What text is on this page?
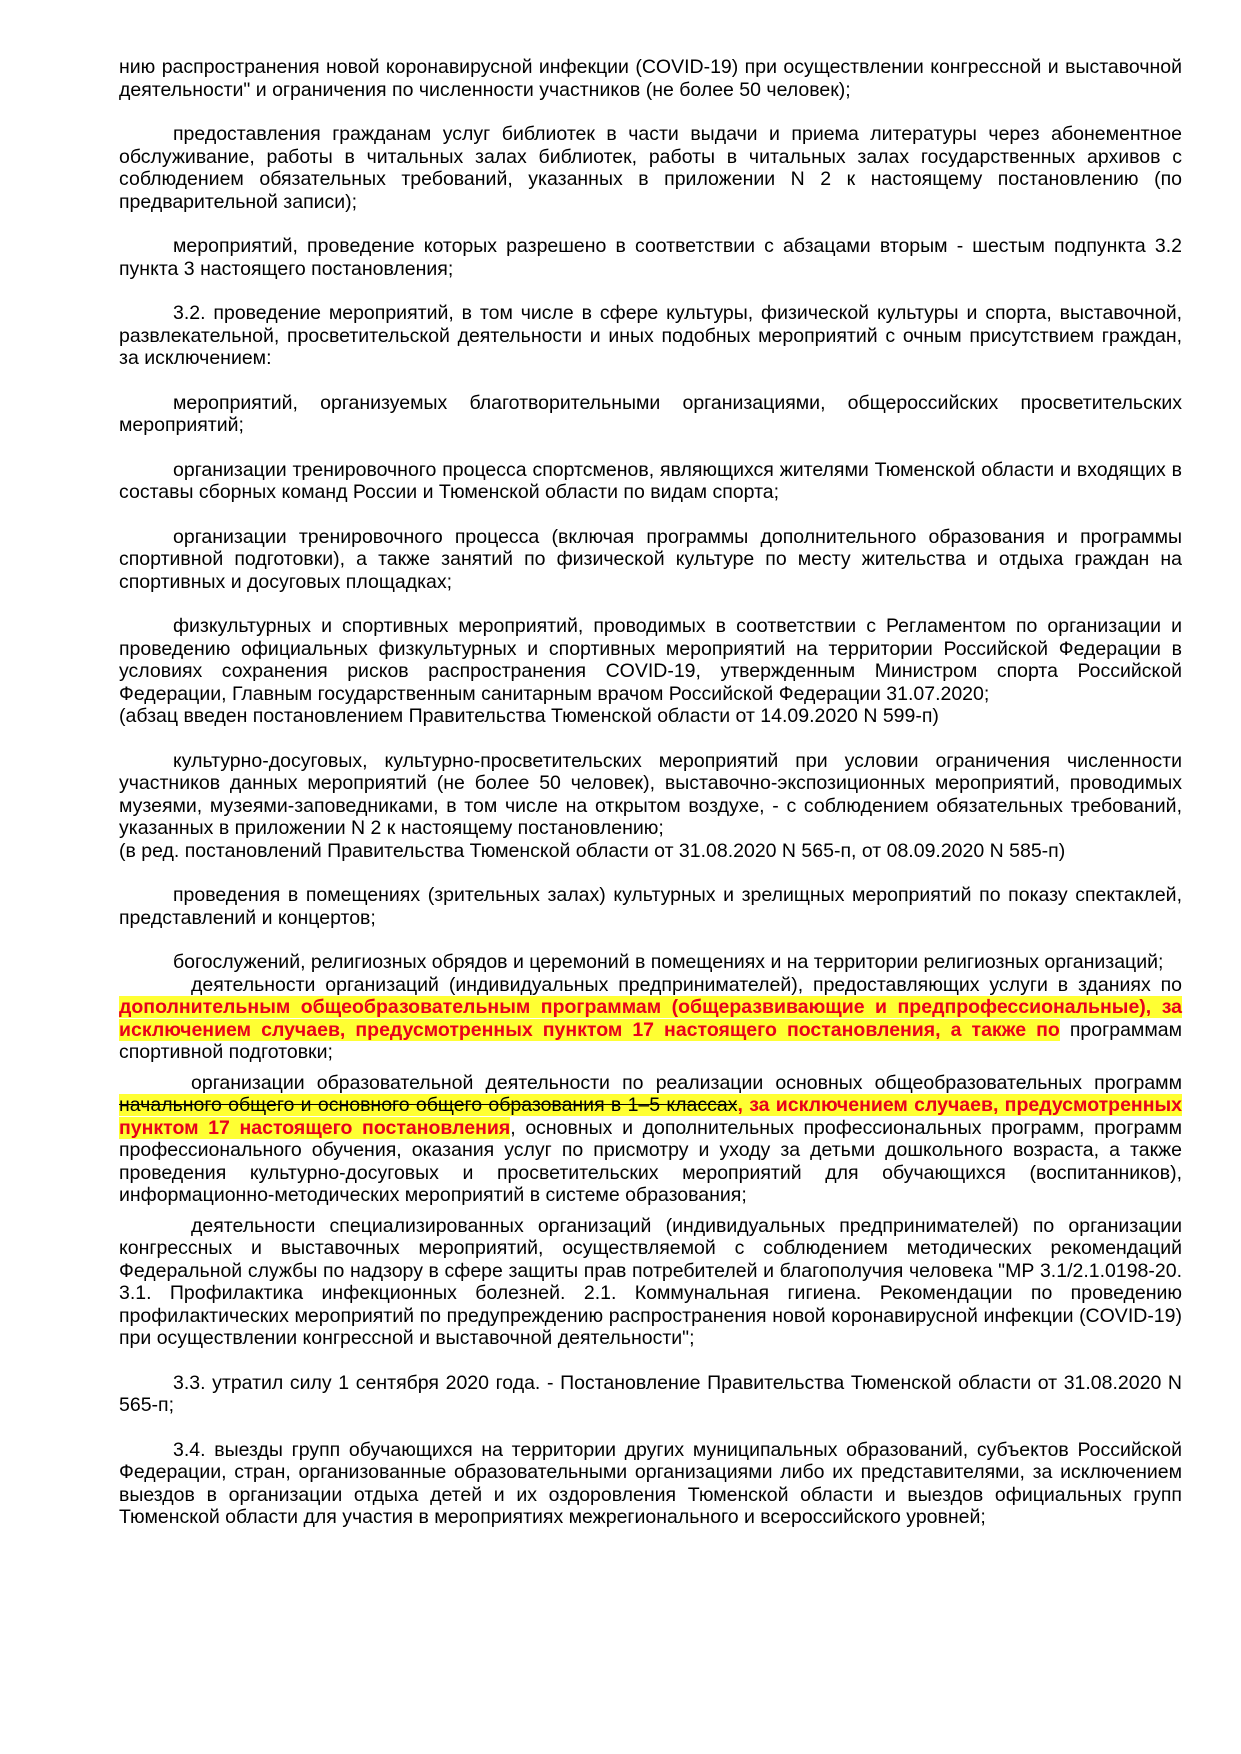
нию распространения новой коронавирусной инфекции (COVID-19) при осуществлении конгрессной и выставочной деятельности" и ограничения по численности участников (не более 50 человек);

предоставления гражданам услуг библиотек в части выдачи и приема литературы через абонементное обслуживание, работы в читальных залах библиотек, работы в читальных залах государственных архивов с соблюдением обязательных требований, указанных в приложении N 2 к настоящему постановлению (по предварительной записи);

мероприятий, проведение которых разрешено в соответствии с абзацами вторым - шестым подпункта 3.2 пункта 3 настоящего постановления;

3.2. проведение мероприятий, в том числе в сфере культуры, физической культуры и спорта, выставочной, развлекательной, просветительской деятельности и иных подобных мероприятий с очным присутствием граждан, за исключением:

мероприятий, организуемых благотворительными организациями, общероссийских просветительских мероприятий;

организации тренировочного процесса спортсменов, являющихся жителями Тюменской области и входящих в составы сборных команд России и Тюменской области по видам спорта;

организации тренировочного процесса (включая программы дополнительного образования и программы спортивной подготовки), а также занятий по физической культуре по месту жительства и отдыха граждан на спортивных и досуговых площадках;

физкультурных и спортивных мероприятий, проводимых в соответствии с Регламентом по организации и проведению официальных физкультурных и спортивных мероприятий на территории Российской Федерации в условиях сохранения рисков распространения COVID-19, утвержденным Министром спорта Российской Федерации, Главным государственным санитарным врачом Российской Федерации 31.07.2020;

(абзац введен постановлением Правительства Тюменской области от 14.09.2020 N 599-п)

культурно-досуговых, культурно-просветительских мероприятий при условии ограничения численности участников данных мероприятий (не более 50 человек), выставочно-экспозиционных мероприятий, проводимых музеями, музеями-заповедниками, в том числе на открытом воздухе, - с соблюдением обязательных требований, указанных в приложении N 2 к настоящему постановлению;

(в ред. постановлений Правительства Тюменской области от 31.08.2020 N 565-п, от 08.09.2020 N 585-п)

проведения в помещениях (зрительных залах) культурных и зрелищных мероприятий по показу спектаклей, представлений и концертов;

богослужений, религиозных обрядов и церемоний в помещениях и на территории религиозных организаций;

деятельности организаций (индивидуальных предпринимателей), предоставляющих услуги в зданиях по дополнительным общеобразовательным программам (общеразвивающие и предпрофессиональные), за исключением случаев, предусмотренных пунктом 17 настоящего постановления, а также по программам спортивной подготовки;

организации образовательной деятельности по реализации основных общеобразовательных программ начального общего и основного общего образования в 1–5 классах, за исключением случаев, предусмотренных пунктом 17 настоящего постановления, основных и дополнительных профессиональных программ, программ профессионального обучения, оказания услуг по присмотру и уходу за детьми дошкольного возраста, а также проведения культурно-досуговых и просветительских мероприятий для обучающихся (воспитанников), информационно-методических мероприятий в системе образования;

деятельности специализированных организаций (индивидуальных предпринимателей) по организации конгрессных и выставочных мероприятий, осуществляемой с соблюдением методических рекомендаций Федеральной службы по надзору в сфере защиты прав потребителей и благополучия человека "МР 3.1/2.1.0198-20. 3.1. Профилактика инфекционных болезней. 2.1. Коммунальная гигиена. Рекомендации по проведению профилактических мероприятий по предупреждению распространения новой коронавирусной инфекции (COVID-19) при осуществлении конгрессной и выставочной деятельности";

3.3. утратил силу 1 сентября 2020 года. - Постановление Правительства Тюменской области от 31.08.2020 N 565-п;

3.4. выезды групп обучающихся на территории других муниципальных образований, субъектов Российской Федерации, стран, организованные образовательными организациями либо их представителями, за исключением выездов в организации отдыха детей и их оздоровления Тюменской области и выездов официальных групп Тюменской области для участия в мероприятиях межрегионального и всероссийского уровней;
